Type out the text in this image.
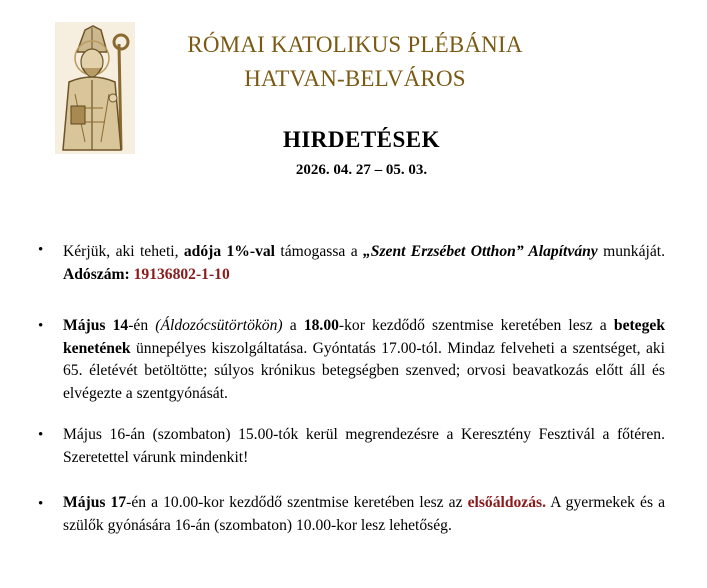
RÓMAI KATOLIKUS PLÉBÁNIA
HATVAN-BELVÁROS
HIRDETÉSEK
2026. 04. 27 – 05. 03.
• Kérjük, aki teheti, adója 1%-val támogassa a „Szent Erzsébet Otthon” Alapítvány munkáját. Adószám: 19136802-1-10
• Május 14-én (Áldozócsütörtökön) a 18.00-kor kezdődő szentmise keretében lesz a betegek kenetének ünnepélyes kiszolgáltatása. Gyóntatás 17.00-tól. Mindaz felveheti a szentséget, aki 65. életévét betöltötte; súlyos krónikus betegségben szenved; orvosi beavatkozás előtt áll és elvégezte a szentgyónását.
• Május 16-án (szombaton) 15.00-tók kerül megrendezésre a Keresztény Fesztivál a főtéren. Szeretettel várunk mindenkit!
• Május 17-én a 10.00-kor kezdődő szentmise keretében lesz az elsőáldozás. A gyermekek és a szülők gyónására 16-án (szombaton) 10.00-kor lesz lehetőség.
